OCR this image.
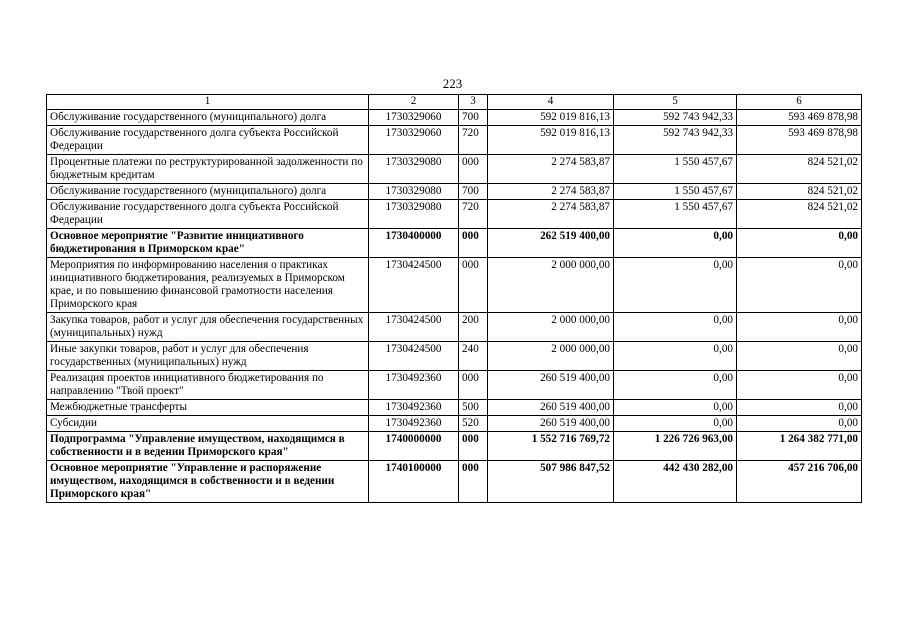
223
1	2	3	4	5	6
Обслуживание государственного (муниципального) долга	1730329060	700	592 019 816,13	592 743 942,33	593 469 878,98
Обслуживание государственного долга субъекта Российской Федерации	1730329060	720	592 019 816,13	592 743 942,33	593 469 878,98
Процентные платежи по реструктурированной задолженности по бюджетным кредитам	1730329080	000	2 274 583,87	1 550 457,67	824 521,02
Обслуживание государственного (муниципального) долга	1730329080	700	2 274 583,87	1 550 457,67	824 521,02
Обслуживание государственного долга субъекта Российской Федерации	1730329080	720	2 274 583,87	1 550 457,67	824 521,02
Основное мероприятие "Развитие инициативного бюджетирования в Приморском крае"	1730400000	000	262 519 400,00	0,00	0,00
Мероприятия по информированию населения о практиках инициативного бюджетирования, реализуемых в Приморском крае, и по повышению финансовой грамотности населения Приморского края	1730424500	000	2 000 000,00	0,00	0,00
Закупка товаров, работ и услуг для обеспечения государственных (муниципальных) нужд	1730424500	200	2 000 000,00	0,00	0,00
Иные закупки товаров, работ и услуг для обеспечения государственных (муниципальных) нужд	1730424500	240	2 000 000,00	0,00	0,00
Реализация проектов инициативного бюджетирования по направлению "Твой проект"	1730492360	000	260 519 400,00	0,00	0,00
Межбюджетные трансферты	1730492360	500	260 519 400,00	0,00	0,00
Субсидии	1730492360	520	260 519 400,00	0,00	0,00
Подпрограмма "Управление имуществом, находящимся в собственности и в ведении Приморского края"	1740000000	000	1 552 716 769,72	1 226 726 963,00	1 264 382 771,00
Основное мероприятие "Управление и распоряжение имуществом, находящимся в собственности и в ведении Приморского края"	1740100000	000	507 986 847,52	442 430 282,00	457 216 706,00
